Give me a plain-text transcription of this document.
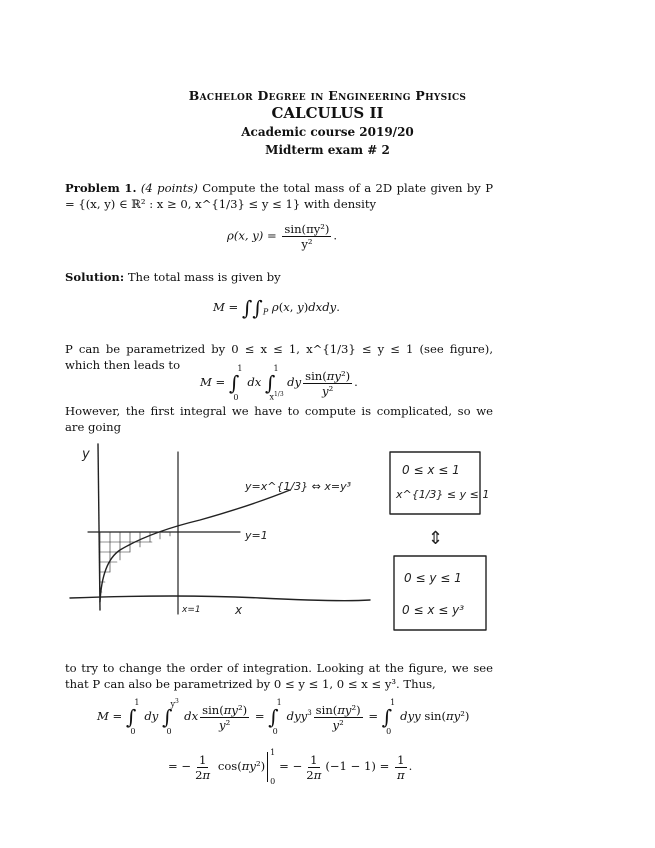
Bachelor Degree in Engineering Physics
CALCULUS II
Academic course 2019/20
Midterm exam # 2
Problem 1. (4 points) Compute the total mass of a 2D plate given by P = {(x, y) ∈ ℝ² : x ≥ 0, x^{1/3} ≤ y ≤ 1} with density
ρ(x, $y) = \frac{\text{sin(πy²)}}{\text{y²}}$ .
Solution: The total mass is given by
$M = \int\int_P$ ρ(x, y)dxdy.
P can be parametrized by 0 ≤ x ≤ 1, x^{1/3} ≤ y ≤ 1 (see figure), which then leads to
M = ∫
1
0
dx ∫
1
$x^{1/3}$
dy $\frac{\text{sin(πy²)}}{\text{y²}}$ .
However, the first integral we have to compute is complicated, so we are going
y
x
x=1
y=1
y=x^{1/3} ⇔ x=y³
0 ≤ x ≤ 1
x^{1/3} ≤ y ≤ 1
⇕
0 ≤ y ≤ 1
0 ≤ x ≤ y³
to try to change the order of integration. Looking at the figure, we see that P can also be parametrized by 0 ≤ y ≤ 1, 0 ≤ x ≤ y³. Thus,
M = ∫
1
0
dy ∫
$y^3$
0
dx $\frac{\text{sin(πy²)}}{\text{y²}}$ = ∫
1
0
$dyy^3 \frac{\text{sin(πy²)}}{\text{y²}}$ = ∫
1
0
dyy sin(πy²)
= − $\frac{1}{2\pi} \cos(\pi y^2)$
1
0
= − $\frac{1}{2\pi} (-1 - 1) = \frac{1}{\pi}$ .
